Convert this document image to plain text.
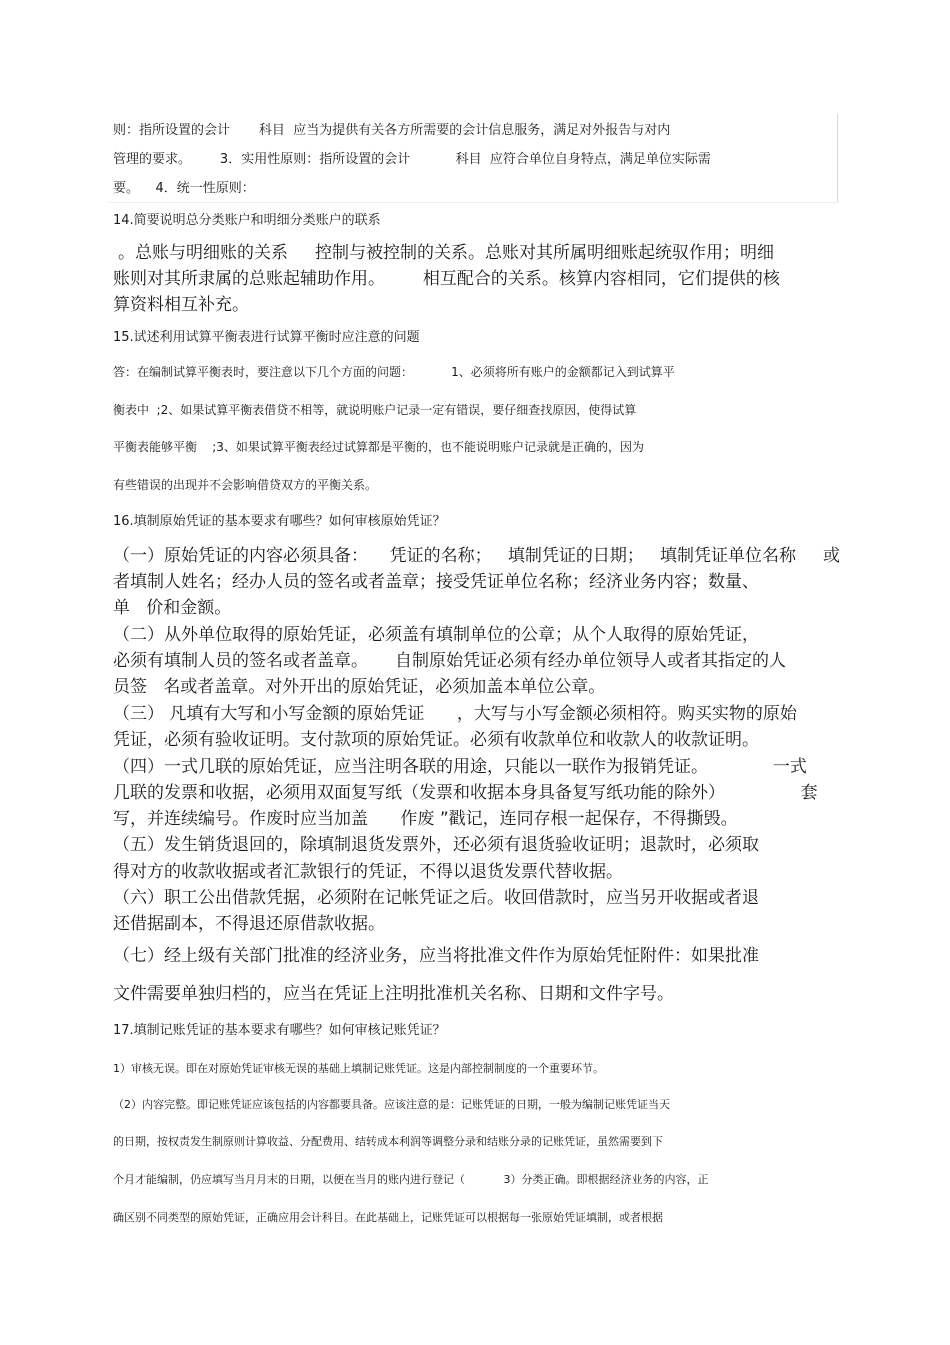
则：指所设置的会计       科目  应当为提供有关各方所需要的会计信息服务，满足对外报告与对内
管理的要求。       3．实用性原则：指所设置的会计           科目  应符合单位自身特点，满足单位实际需
要。    4．统一性原则：
14.简要说明总分类账户和明细分类账户的联系
。总账与明细账的关系     控制与被控制的关系。总账对其所属明细账起统驭作用；明细
账则对其所隶属的总账起辅助作用。       相互配合的关系。核算内容相同，它们提供的核
算资料相互补充。
15.试述利用试算平衡表进行试算平衡时应注意的问题
答：在编制试算平衡表时，要注意以下几个方面的问题：          1、必须将所有账户的金额都记入到试算平
衡表中  ;2、如果试算平衡表借贷不相等，就说明账户记录一定有错误，要仔细查找原因，使得试算
平衡表能够平衡    ;3、如果试算平衡表经过试算都是平衡的，也不能说明账户记录就是正确的，因为
有些错误的出现并不会影响借贷双方的平衡关系。
16.填制原始凭证的基本要求有哪些？如何审核原始凭证？
（一）原始凭证的内容必须具备：    凭证的名称；   填制凭证的日期；   填制凭证单位名称     或
者填制人姓名；经办人员的签名或者盖章；接受凭证单位名称；经济业务内容；数量、
单   价和金额。
（二）从外单位取得的原始凭证，必须盖有填制单位的公章；从个人取得的原始凭证，
必须有填制人员的签名或者盖章。     自制原始凭证必须有经办单位领导人或者其指定的人
员签   名或者盖章。对外开出的原始凭证，必须加盖本单位公章。
（三） 凡填有大写和小写金额的原始凭证      ，大写与小写金额必须相符。购买实物的原始
凭证，必须有验收证明。支付款项的原始凭证。必须有收款单位和收款人的收款证明。
（四）一式几联的原始凭证，应当注明各联的用途，只能以一联作为报销凭证。            一式
几联的发票和收据，必须用双面复写纸（发票和收据本身具备复写纸功能的除外）              套
写，并连续编号。作废时应当加盖      作废 ”戳记，连同存根一起保存，不得撕毁。
（五）发生销货退回的，除填制退货发票外，还必须有退货验收证明；退款时，必须取
得对方的收款收据或者汇款银行的凭证，不得以退货发票代替收据。
（六）职工公出借款凭据，必须附在记帐凭证之后。收回借款时，应当另开收据或者退
还借据副本，不得退还原借款收据。
（七）经上级有关部门批准的经济业务，应当将批准文件作为原始凭怔附件：如果批准
文件需要单独归档的，应当在凭证上注明批准机关名称、日期和文件字号。
17.填制记账凭证的基本要求有哪些？如何审核记账凭证？
1）审核无误。即在对原始凭证审核无误的基础上填制记账凭证。这是内部控制制度的一个重要环节。
（2）内容完整。即记账凭证应该包括的内容都要具备。应该注意的是：记账凭证的日期，一般为编制记账凭证当天
的日期，按权责发生制原则计算收益、分配费用、结转成本利润等调整分录和结账分录的记账凭证，虽然需要到下
个月才能编制，仍应填写当月月末的日期，以便在当月的账内进行登记（           3）分类正确。即根据经济业务的内容，正
确区别不同类型的原始凭证，正确应用会计科目。在此基础上，记账凭证可以根据每一张原始凭证填制，或者根据
